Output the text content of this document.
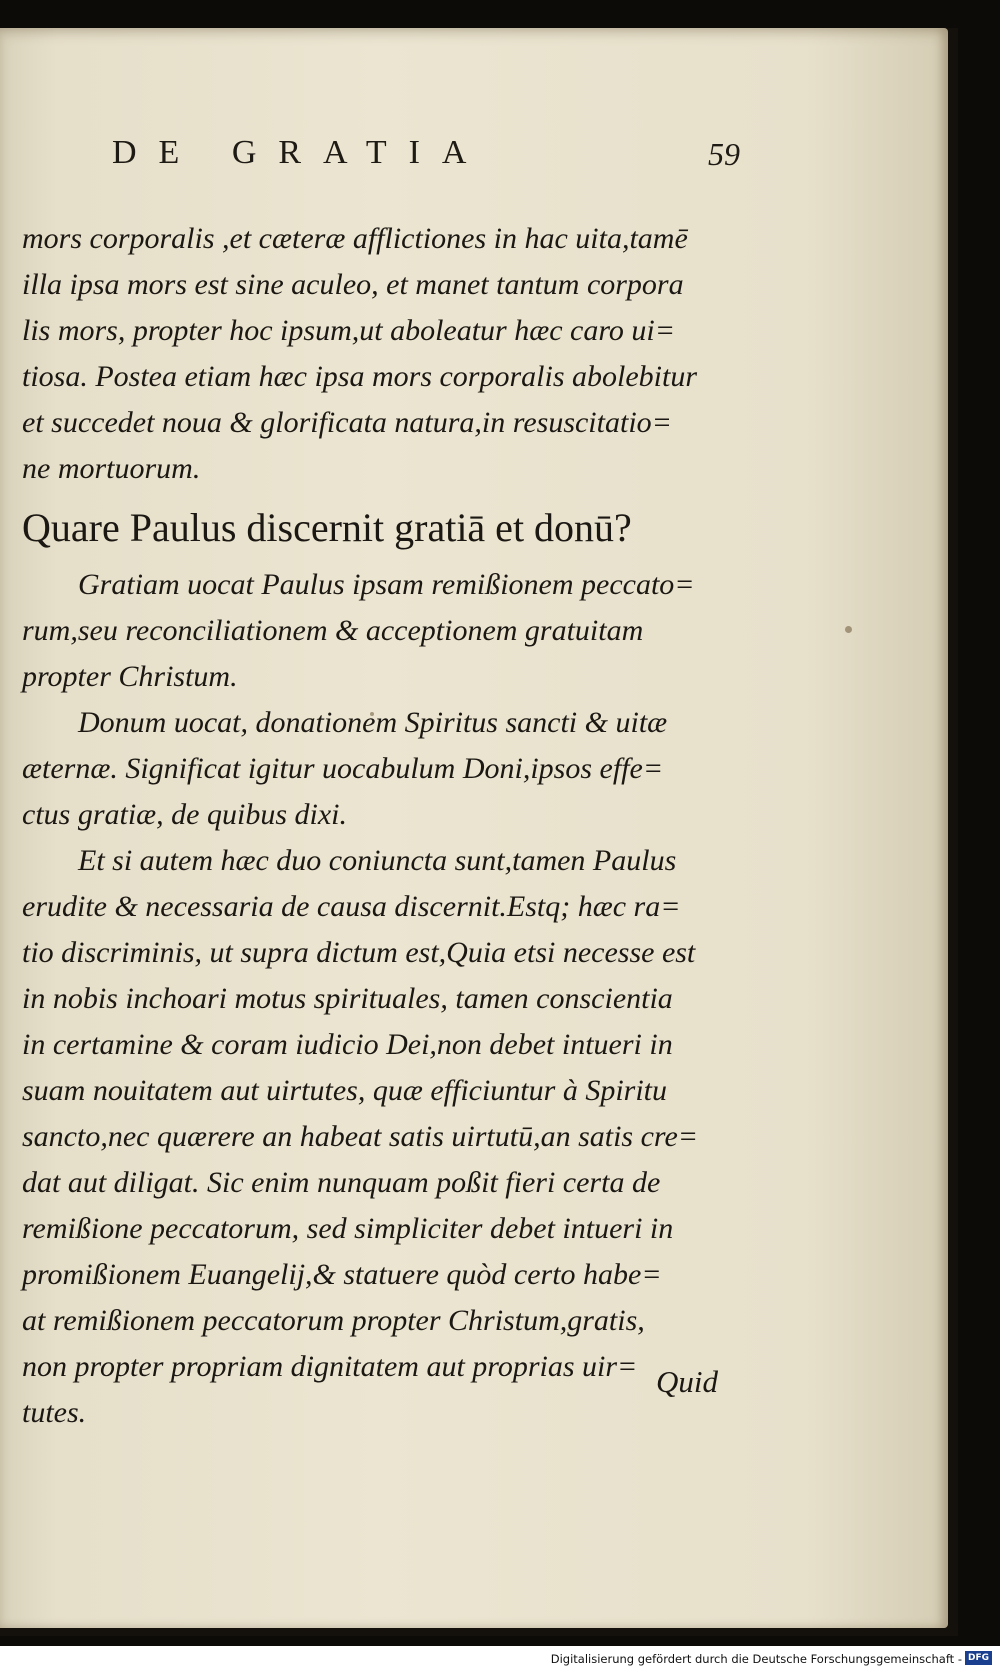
DE GRATIA	59
mors corporalis ,et cæteræ afflictiones in hac uita,tamē
illa ipsa mors est sine aculeo, et manet tantum corpora
lis mors, propter hoc ipsum,ut aboleatur hæc caro ui=
tiosa. Postea etiam hæc ipsa mors corporalis abolebitur
et succedet noua & glorificata natura,in resuscitatio=
ne mortuorum.
Quare Paulus discernit gratiā et donū?
Gratiam uocat Paulus ipsam remißionem peccato=
rum,seu reconciliationem & acceptionem gratuitam
propter Christum.
Donum uocat, donationem Spiritus sancti & uitæ
æternæ. Significat igitur uocabulum Doni,ipsos effe=
ctus gratiæ, de quibus dixi.
Et si autem hæc duo coniuncta sunt,tamen Paulus
erudite & necessaria de causa discernit.Estq; hæc ra=
tio discriminis, ut supra dictum est,Quia etsi necesse est
in nobis inchoari motus spirituales, tamen conscientia
in certamine & coram iudicio Dei,non debet intueri in
suam nouitatem aut uirtutes, quæ efficiuntur à Spiritu
sancto,nec quærere an habeat satis uirtutū,an satis cre=
dat aut diligat. Sic enim nunquam poßit fieri certa de
remißione peccatorum, sed simpliciter debet intueri in
promißionem Euangelij,& statuere quòd certo habe=
at remißionem peccatorum propter Christum,gratis,
non propter propriam dignitatem aut proprias uir=
tutes.
Quid
Digitalisierung gefördert durch die Deutsche Forschungsgemeinschaft - DFG
